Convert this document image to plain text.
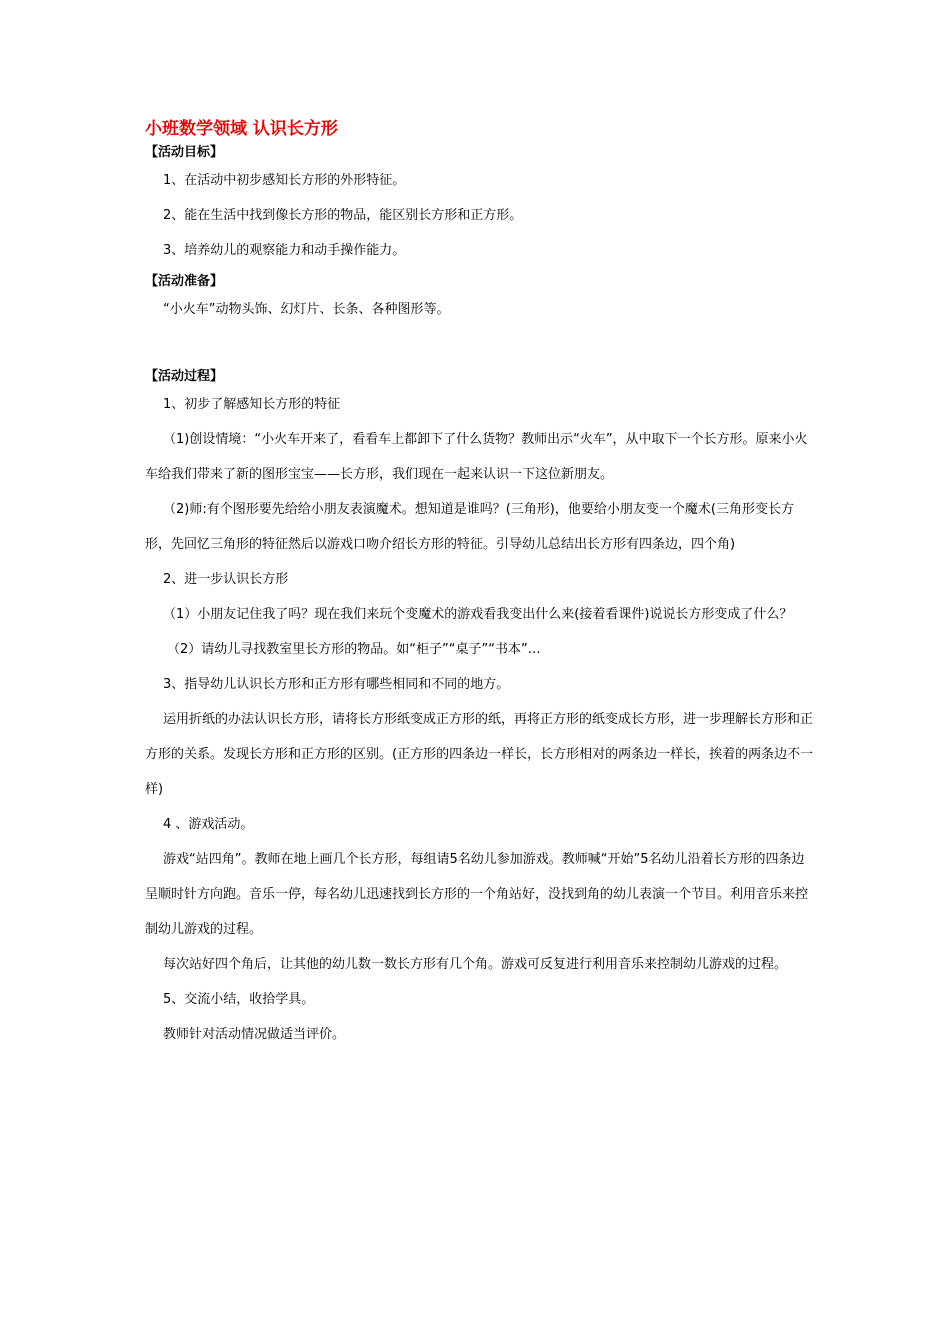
小班数学领域 认识长方形
【活动目标】
1、在活动中初步感知长方形的外形特征。
2、能在生活中找到像长方形的物品，能区别长方形和正方形。
3、培养幼儿的观察能力和动手操作能力。
【活动准备】
“小火车”动物头饰、幻灯片、长条、各种图形等。
【活动过程】
1、初步了解感知长方形的特征
（1)创设情境：“小火车开来了，看看车上都卸下了什么货物？教师出示“火车”，从中取下一个长方形。原来小火车给我们带来了新的图形宝宝——长方形，我们现在一起来认识一下这位新朋友。
（2)师:有个图形要先给给小朋友表演魔术。想知道是谁吗？(三角形)，他要给小朋友变一个魔术(三角形变长方形，先回忆三角形的特征然后以游戏口吻介绍长方形的特征。引导幼儿总结出长方形有四条边，四个角)
2、进一步认识长方形
（1）小朋友记住我了吗？现在我们来玩个变魔术的游戏看我变出什么来(接着看课件)说说长方形变成了什么？
（2）请幼儿寻找教室里长方形的物品。如“柜子”“桌子”“书本”…
3、指导幼儿认识长方形和正方形有哪些相同和不同的地方。
运用折纸的办法认识长方形，请将长方形纸变成正方形的纸，再将正方形的纸变成长方形，进一步理解长方形和正方形的关系。发现长方形和正方形的区别。(正方形的四条边一样长，长方形相对的两条边一样长，挨着的两条边不一样)
4 、游戏活动。
游戏“站四角”。教师在地上画几个长方形，每组请5名幼儿参加游戏。教师喊“开始”5名幼儿沿着长方形的四条边呈顺时针方向跑。音乐一停，每名幼儿迅速找到长方形的一个角站好，没找到角的幼儿表演一个节目。利用音乐来控制幼儿游戏的过程。
每次站好四个角后，让其他的幼儿数一数长方形有几个角。游戏可反复进行利用音乐来控制幼儿游戏的过程。
5、交流小结，收拾学具。
教师针对活动情况做适当评价。
